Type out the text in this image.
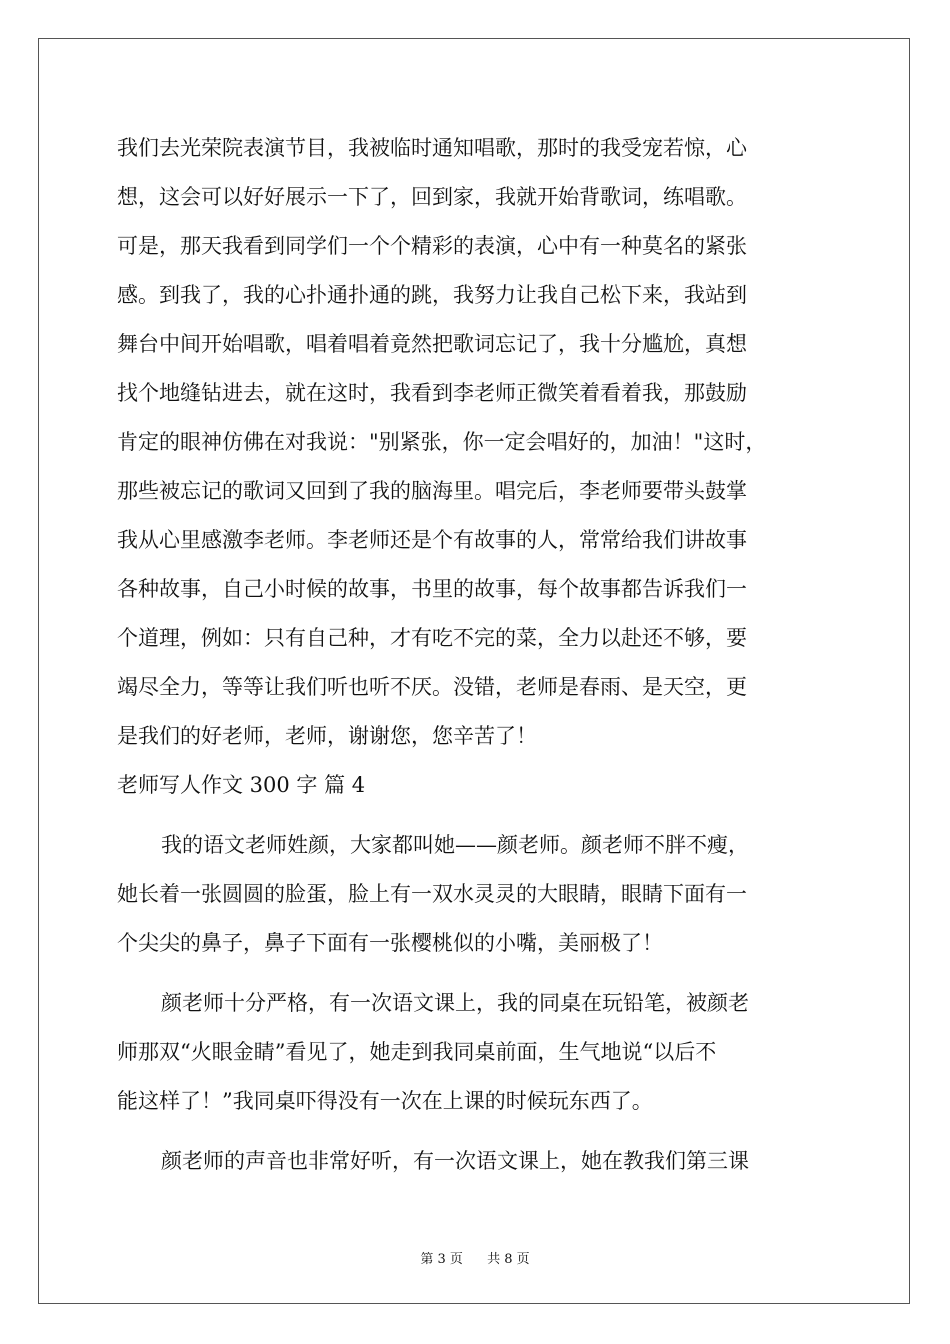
我们去光荣院表演节目，我被临时通知唱歌，那时的我受宠若惊，心
想，这会可以好好展示一下了，回到家，我就开始背歌词，练唱歌。
可是，那天我看到同学们一个个精彩的表演，心中有一种莫名的紧张
感。到我了，我的心扑通扑通的跳，我努力让我自己松下来，我站到
舞台中间开始唱歌，唱着唱着竟然把歌词忘记了，我十分尴尬，真想
找个地缝钻进去，就在这时，我看到李老师正微笑着看着我，那鼓励
肯定的眼神仿佛在对我说："别紧张，你一定会唱好的，加油！"这时，
那些被忘记的歌词又回到了我的脑海里。唱完后，李老师要带头鼓掌
我从心里感激李老师。李老师还是个有故事的人，常常给我们讲故事
各种故事，自己小时候的故事，书里的故事，每个故事都告诉我们一
个道理，例如：只有自己种，才有吃不完的菜，全力以赴还不够，要
竭尽全力，等等让我们听也听不厌。没错，老师是春雨、是天空，更
是我们的好老师，老师，谢谢您，您辛苦了！
老师写人作文 300 字 篇 4
我的语文老师姓颜，大家都叫她——颜老师。颜老师不胖不瘦，
她长着一张圆圆的脸蛋，脸上有一双水灵灵的大眼睛，眼睛下面有一
个尖尖的鼻子，鼻子下面有一张樱桃似的小嘴，美丽极了！
颜老师十分严格，有一次语文课上，我的同桌在玩铅笔，被颜老
师那双“火眼金睛”看见了，她走到我同桌前面，生气地说“以后不
能这样了！”我同桌吓得没有一次在上课的时候玩东西了。
颜老师的声音也非常好听，有一次语文课上，她在教我们第三课
第 3 页 共 8 页
